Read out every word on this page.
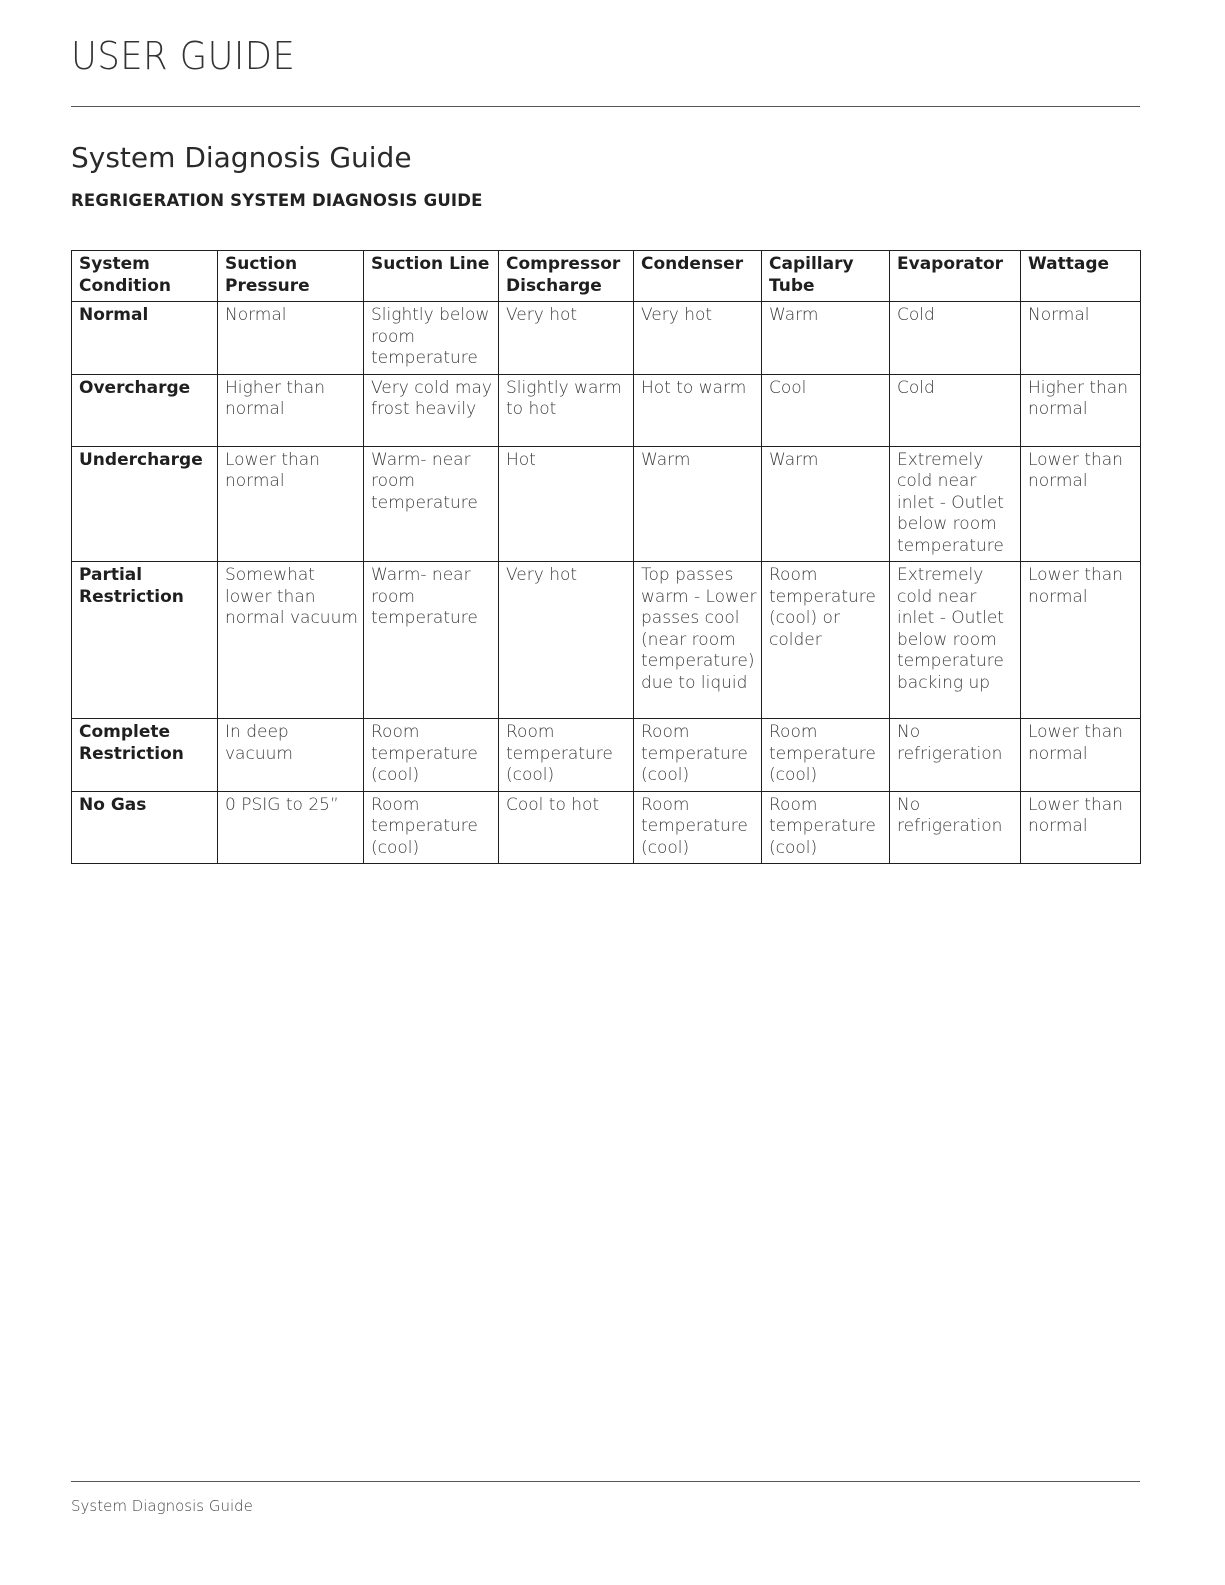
USER GUIDE
System Diagnosis Guide
REGRIGERATION SYSTEM DIAGNOSIS GUIDE
System Condition	Suction Pressure	Suction Line	Compressor Discharge	Condenser	Capillary Tube	Evaporator	Wattage
Normal	Normal	Slightly below room temperature	Very hot	Very hot	Warm	Cold	Normal
Overcharge	Higher than normal	Very cold may frost heavily	Slightly warm to hot	Hot to warm	Cool	Cold	Higher than normal
Undercharge	Lower than normal	Warm- near room temperature	Hot	Warm	Warm	Extremely cold near inlet - Outlet below room temperature	Lower than normal
Partial Restriction	Somewhat lower than normal vacuum	Warm- near room temperature	Very hot	Top passes warm - Lower passes cool (near room temperature) due to liquid	Room temperature (cool) or colder	Extremely cold near inlet - Outlet below room temperature backing up	Lower than normal
Complete Restriction	In deep vacuum	Room temperature (cool)	Room temperature (cool)	Room temperature (cool)	Room temperature (cool)	No refrigeration	Lower than normal
No Gas	0 PSIG to 25”	Room temperature (cool)	Cool to hot	Room temperature (cool)	Room temperature (cool)	No refrigeration	Lower than normal
System Diagnosis Guide
